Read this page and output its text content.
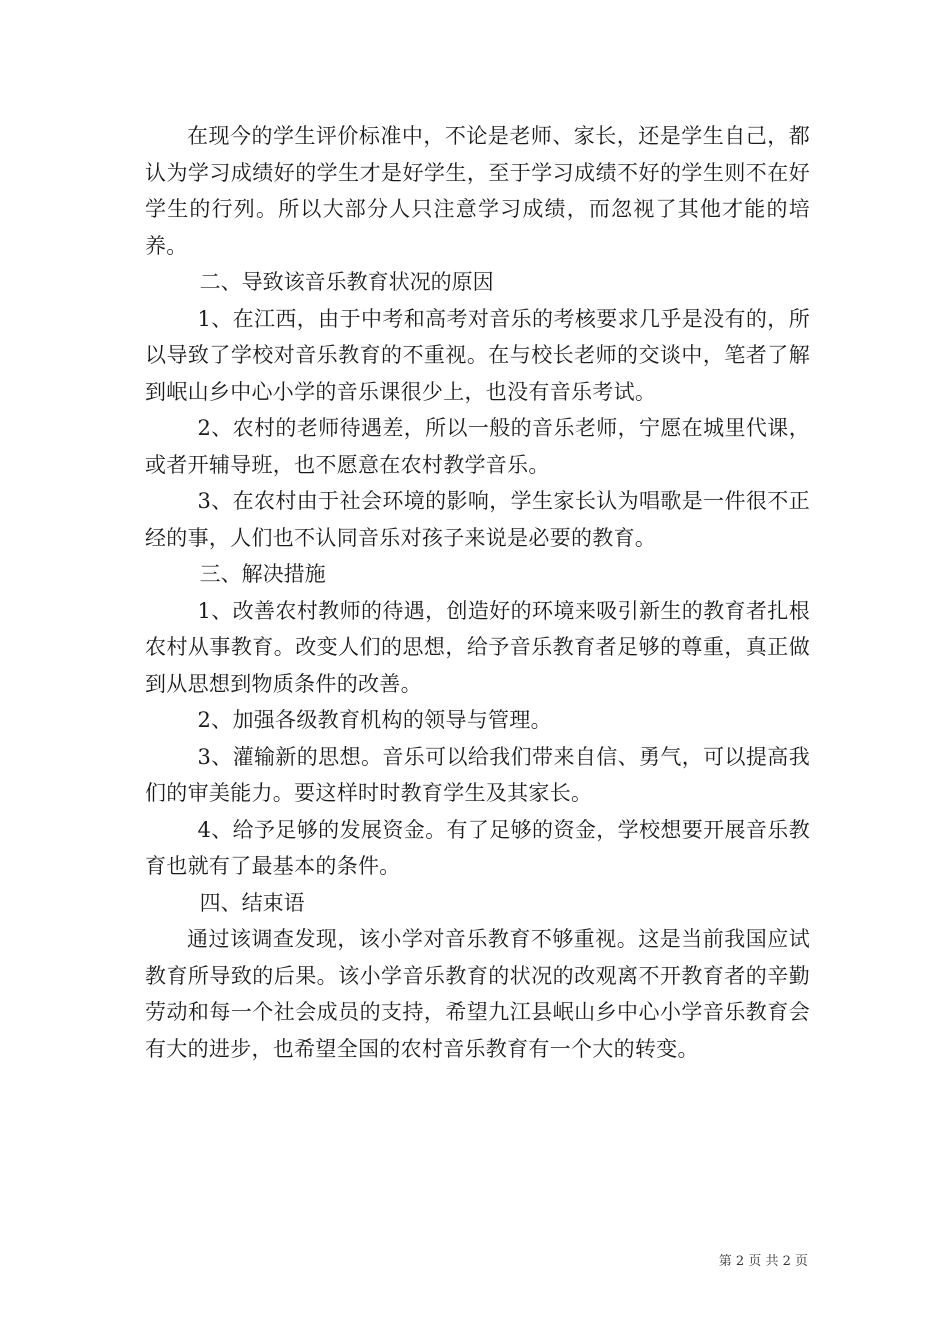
在现今的学生评价标准中，不论是老师、家长，还是学生自己，都认为学习成绩好的学生才是好学生，至于学习成绩不好的学生则不在好学生的行列。所以大部分人只注意学习成绩，而忽视了其他才能的培养。

二、导致该音乐教育状况的原因

1、在江西，由于中考和高考对音乐的考核要求几乎是没有的，所以导致了学校对音乐教育的不重视。在与校长老师的交谈中，笔者了解到岷山乡中心小学的音乐课很少上，也没有音乐考试。

2、农村的老师待遇差，所以一般的音乐老师，宁愿在城里代课，或者开辅导班，也不愿意在农村教学音乐。

3、在农村由于社会环境的影响，学生家长认为唱歌是一件很不正经的事，人们也不认同音乐对孩子来说是必要的教育。

三、解决措施

1、改善农村教师的待遇，创造好的环境来吸引新生的教育者扎根农村从事教育。改变人们的思想，给予音乐教育者足够的尊重，真正做到从思想到物质条件的改善。

2、加强各级教育机构的领导与管理。

3、灌输新的思想。音乐可以给我们带来自信、勇气，可以提高我们的审美能力。要这样时时教育学生及其家长。

4、给予足够的发展资金。有了足够的资金，学校想要开展音乐教育也就有了最基本的条件。

四、结束语

通过该调查发现，该小学对音乐教育不够重视。这是当前我国应试教育所导致的后果。该小学音乐教育的状况的改观离不开教育者的辛勤劳动和每一个社会成员的支持，希望九江县岷山乡中心小学音乐教育会有大的进步，也希望全国的农村音乐教育有一个大的转变。

第 2 页 共 2 页
